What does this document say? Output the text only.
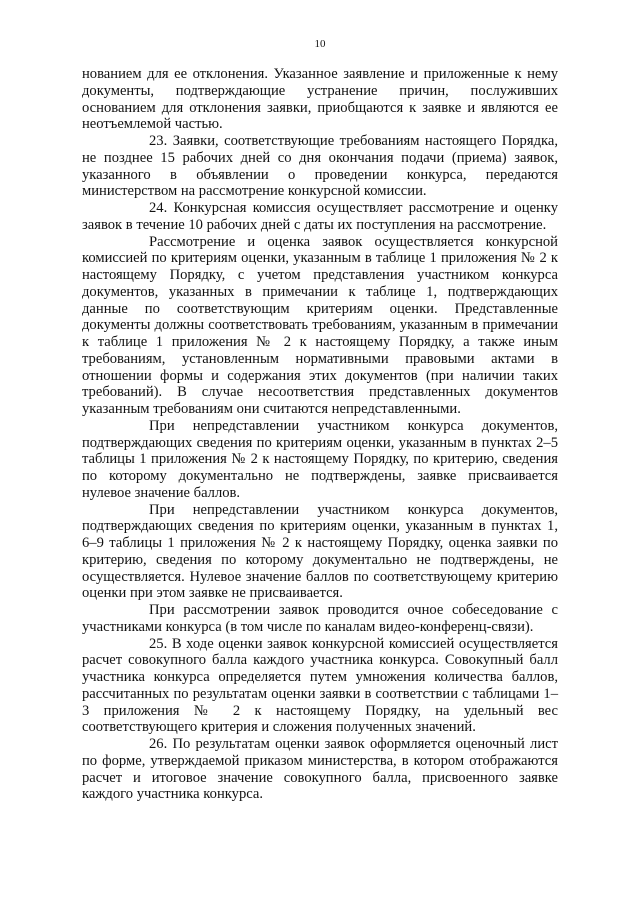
10

нованием для ее отклонения. Указанное заявление и приложенные к нему документы, подтверждающие устранение причин, послуживших основанием для отклонения заявки, приобщаются к заявке и являются ее неотъемлемой частью.

23. Заявки, соответствующие требованиям настоящего Порядка, не позднее 15 рабочих дней со дня окончания подачи (приема) заявок, указанного в объявлении о проведении конкурса, передаются министерством на рассмотрение конкурсной комиссии.

24. Конкурсная комиссия осуществляет рассмотрение и оценку заявок в течение 10 рабочих дней с даты их поступления на рассмотрение.

Рассмотрение и оценка заявок осуществляется конкурсной комиссией по критериям оценки, указанным в таблице 1 приложения № 2 к настоящему Порядку, с учетом представления участником конкурса документов, указанных в примечании к таблице 1, подтверждающих данные по соответствующим критериям оценки. Представленные документы должны соответствовать требованиям, указанным в примечании к таблице 1 приложения № 2 к настоящему Порядку, а также иным требованиям, установленным нормативными правовыми актами в отношении формы и содержания этих документов (при наличии таких требований). В случае несоответствия представленных документов указанным требованиям они считаются непредставленными.

При непредставлении участником конкурса документов, подтверждающих сведения по критериям оценки, указанным в пунктах 2–5 таблицы 1 приложения № 2 к настоящему Порядку, по критерию, сведения по которому документально не подтверждены, заявке присваивается нулевое значение баллов.

При непредставлении участником конкурса документов, подтверждающих сведения по критериям оценки, указанным в пунктах 1, 6–9 таблицы 1 приложения № 2 к настоящему Порядку, оценка заявки по критерию, сведения по которому документально не подтверждены, не осуществляется. Нулевое значение баллов по соответствующему критерию оценки при этом заявке не присваивается.

При рассмотрении заявок проводится очное собеседование с участниками конкурса (в том числе по каналам видео-конференц-связи).

25. В ходе оценки заявок конкурсной комиссией осуществляется расчет совокупного балла каждого участника конкурса. Совокупный балл участника конкурса определяется путем умножения количества баллов, рассчитанных по результатам оценки заявки в соответствии с таблицами 1–3 приложения № 2 к настоящему Порядку, на удельный вес соответствующего критерия и сложения полученных значений.

26. По результатам оценки заявок оформляется оценочный лист по форме, утверждаемой приказом министерства, в котором отображаются расчет и итоговое значение совокупного балла, присвоенного заявке каждого участника конкурса.
